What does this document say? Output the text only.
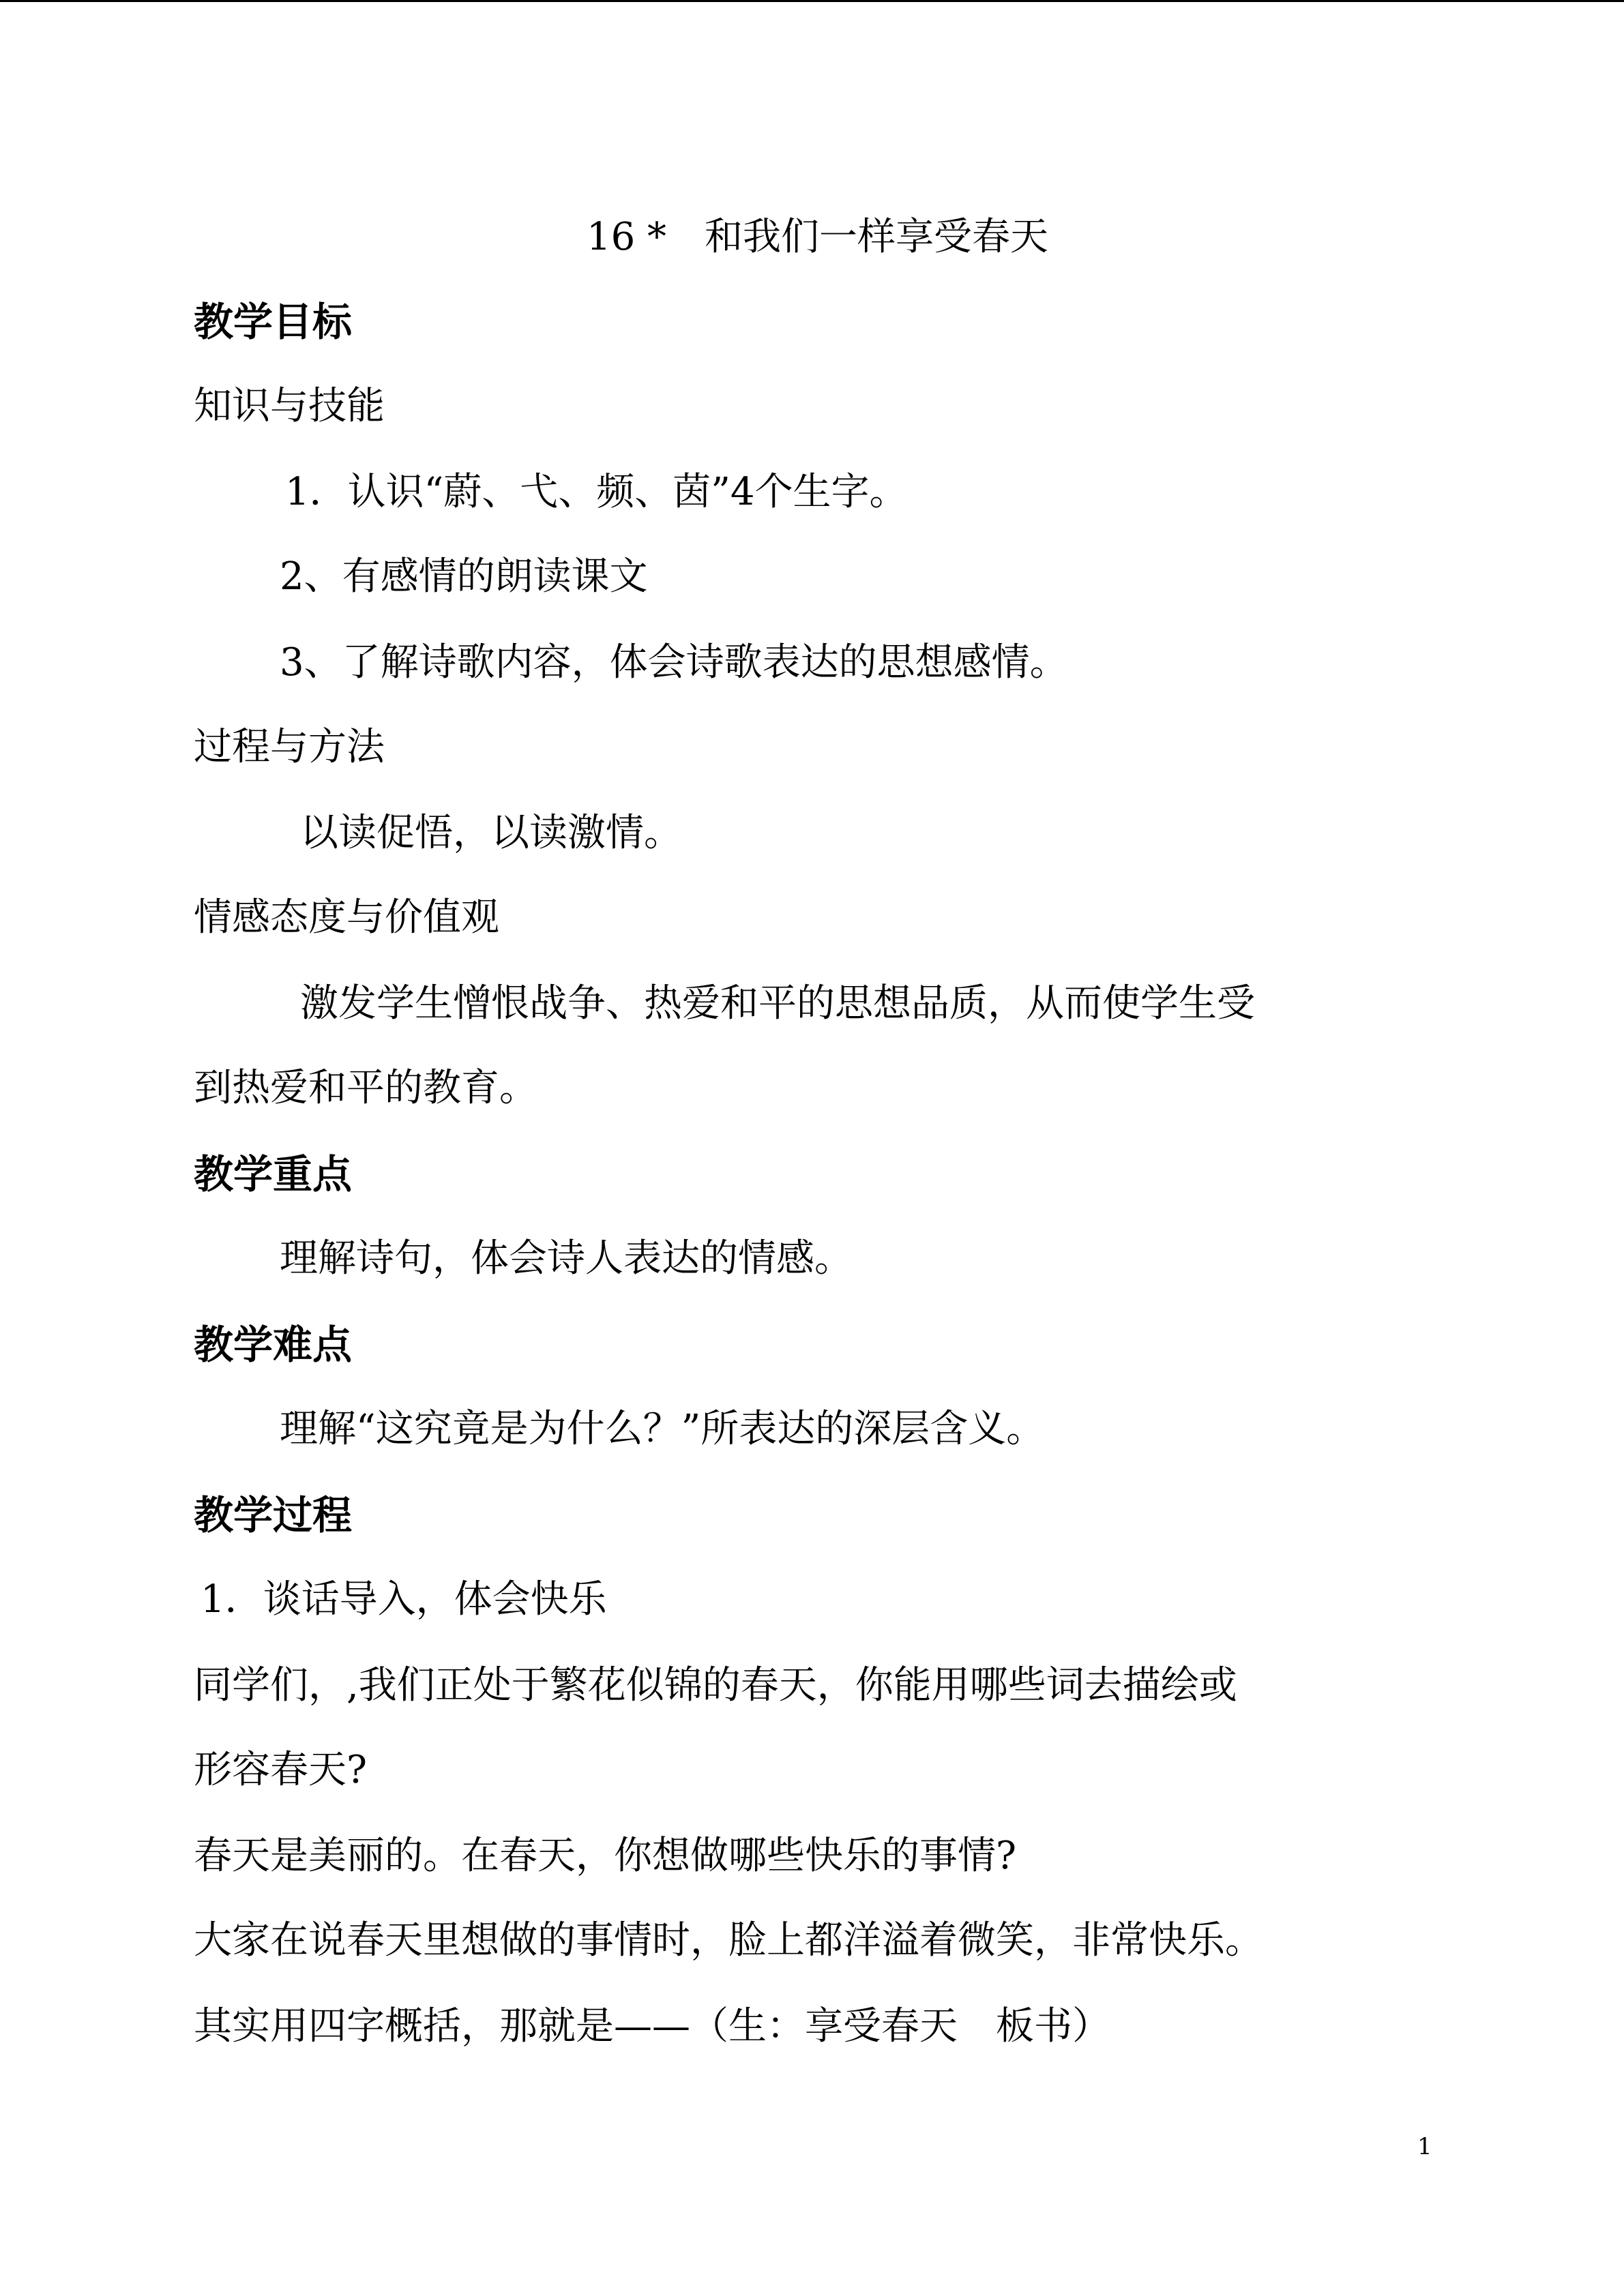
16 *　和我们一样享受春天
教学目标
知识与技能
1．认识“蔚、弋、频、茵”4个生字。
2、有感情的朗读课文
3、了解诗歌内容，体会诗歌表达的思想感情。
过程与方法
以读促悟，以读激情。
情感态度与价值观
激发学生憎恨战争、热爱和平的思想品质，从而使学生受
到热爱和平的教育。
教学重点
理解诗句，体会诗人表达的情感。
教学难点
理解“这究竟是为什么？”所表达的深层含义。
教学过程
1．谈话导入，体会快乐
同学们，,我们正处于繁花似锦的春天，你能用哪些词去描绘或
形容春天?
春天是美丽的。在春天，你想做哪些快乐的事情?
大家在说春天里想做的事情时，脸上都洋溢着微笑，非常快乐。
其实用四字概括，那就是——（生：享受春天　板书）
1
